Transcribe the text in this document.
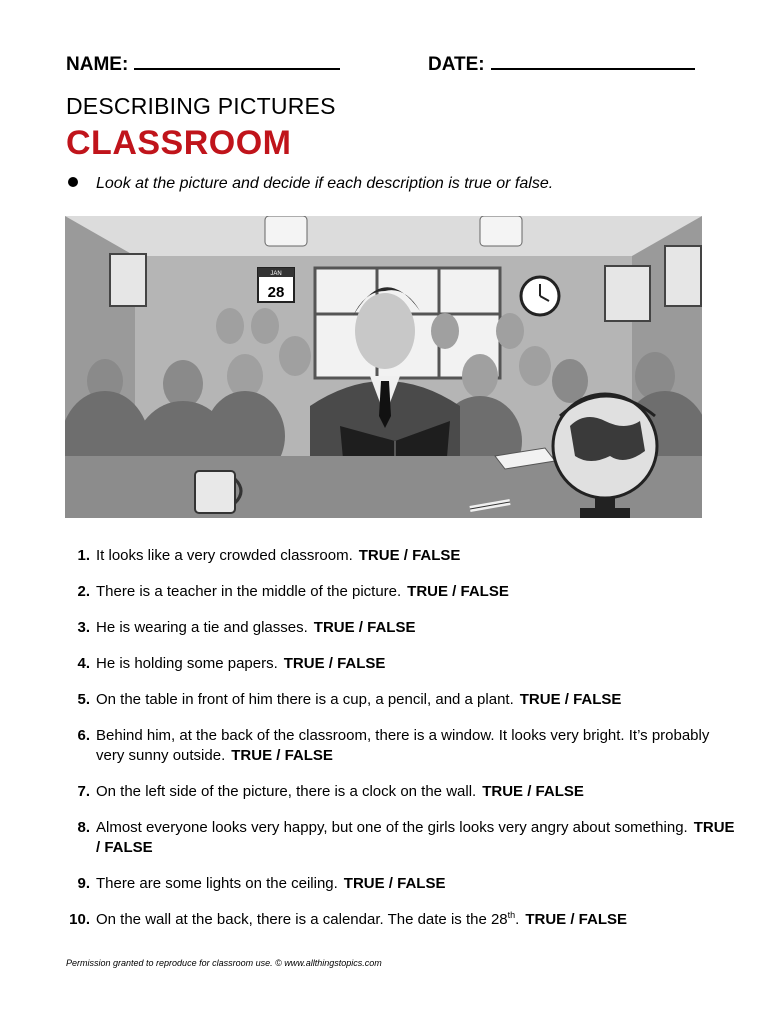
NAME:	DATE:
DESCRIBING PICTURES
CLASSROOM
Look at the picture and decide if each description is true or false.
JAN
28
1. It looks like a very crowded classroom. TRUE / FALSE
2. There is a teacher in the middle of the picture. TRUE / FALSE
3. He is wearing a tie and glasses. TRUE / FALSE
4. He is holding some papers. TRUE / FALSE
5. On the table in front of him there is a cup, a pencil, and a plant. TRUE / FALSE
6. Behind him, at the back of the classroom, there is a window. It looks very bright. It’s probably very sunny outside. TRUE / FALSE
7. On the left side of the picture, there is a clock on the wall. TRUE / FALSE
8. Almost everyone looks very happy, but one of the girls looks very angry about something. TRUE / FALSE
9. There are some lights on the ceiling. TRUE / FALSE
10. On the wall at the back, there is a calendar. The date is the 28th. TRUE / FALSE
Permission granted to reproduce for classroom use. © www.allthingstopics.com
